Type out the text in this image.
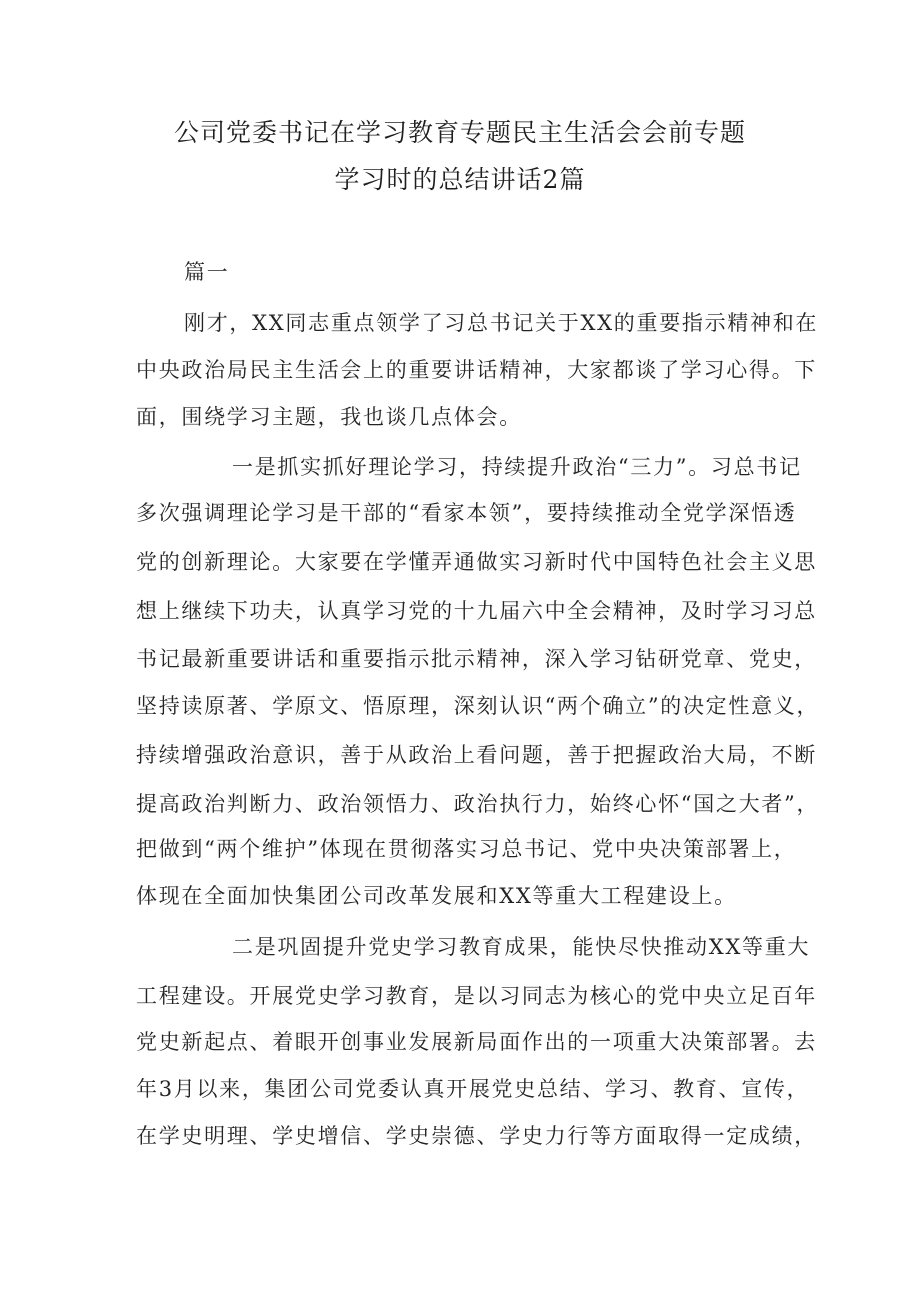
公司党委书记在学习教育专题民主生活会会前专题
学习时的总结讲话2篇
篇一
刚才，XX同志重点领学了习总书记关于XX的重要指示精神和在
中央政治局民主生活会上的重要讲话精神，大家都谈了学习心得。下
面，围绕学习主题，我也谈几点体会。
一是抓实抓好理论学习，持续提升政治“三力”。习总书记
多次强调理论学习是干部的“看家本领”，要持续推动全党学深悟透
党的创新理论。大家要在学懂弄通做实习新时代中国特色社会主义思
想上继续下功夫，认真学习党的十九届六中全会精神，及时学习习总
书记最新重要讲话和重要指示批示精神，深入学习钻研党章、党史，
坚持读原著、学原文、悟原理，深刻认识“两个确立”的决定性意义，
持续增强政治意识，善于从政治上看问题，善于把握政治大局，不断
提高政治判断力、政治领悟力、政治执行力，始终心怀“国之大者”，
把做到“两个维护”体现在贯彻落实习总书记、党中央决策部署上，
体现在全面加快集团公司改革发展和XX等重大工程建设上。
二是巩固提升党史学习教育成果，能快尽快推动XX等重大
工程建设。开展党史学习教育，是以习同志为核心的党中央立足百年
党史新起点、着眼开创事业发展新局面作出的一项重大决策部署。去
年3月以来，集团公司党委认真开展党史总结、学习、教育、宣传，
在学史明理、学史增信、学史崇德、学史力行等方面取得一定成绩，
